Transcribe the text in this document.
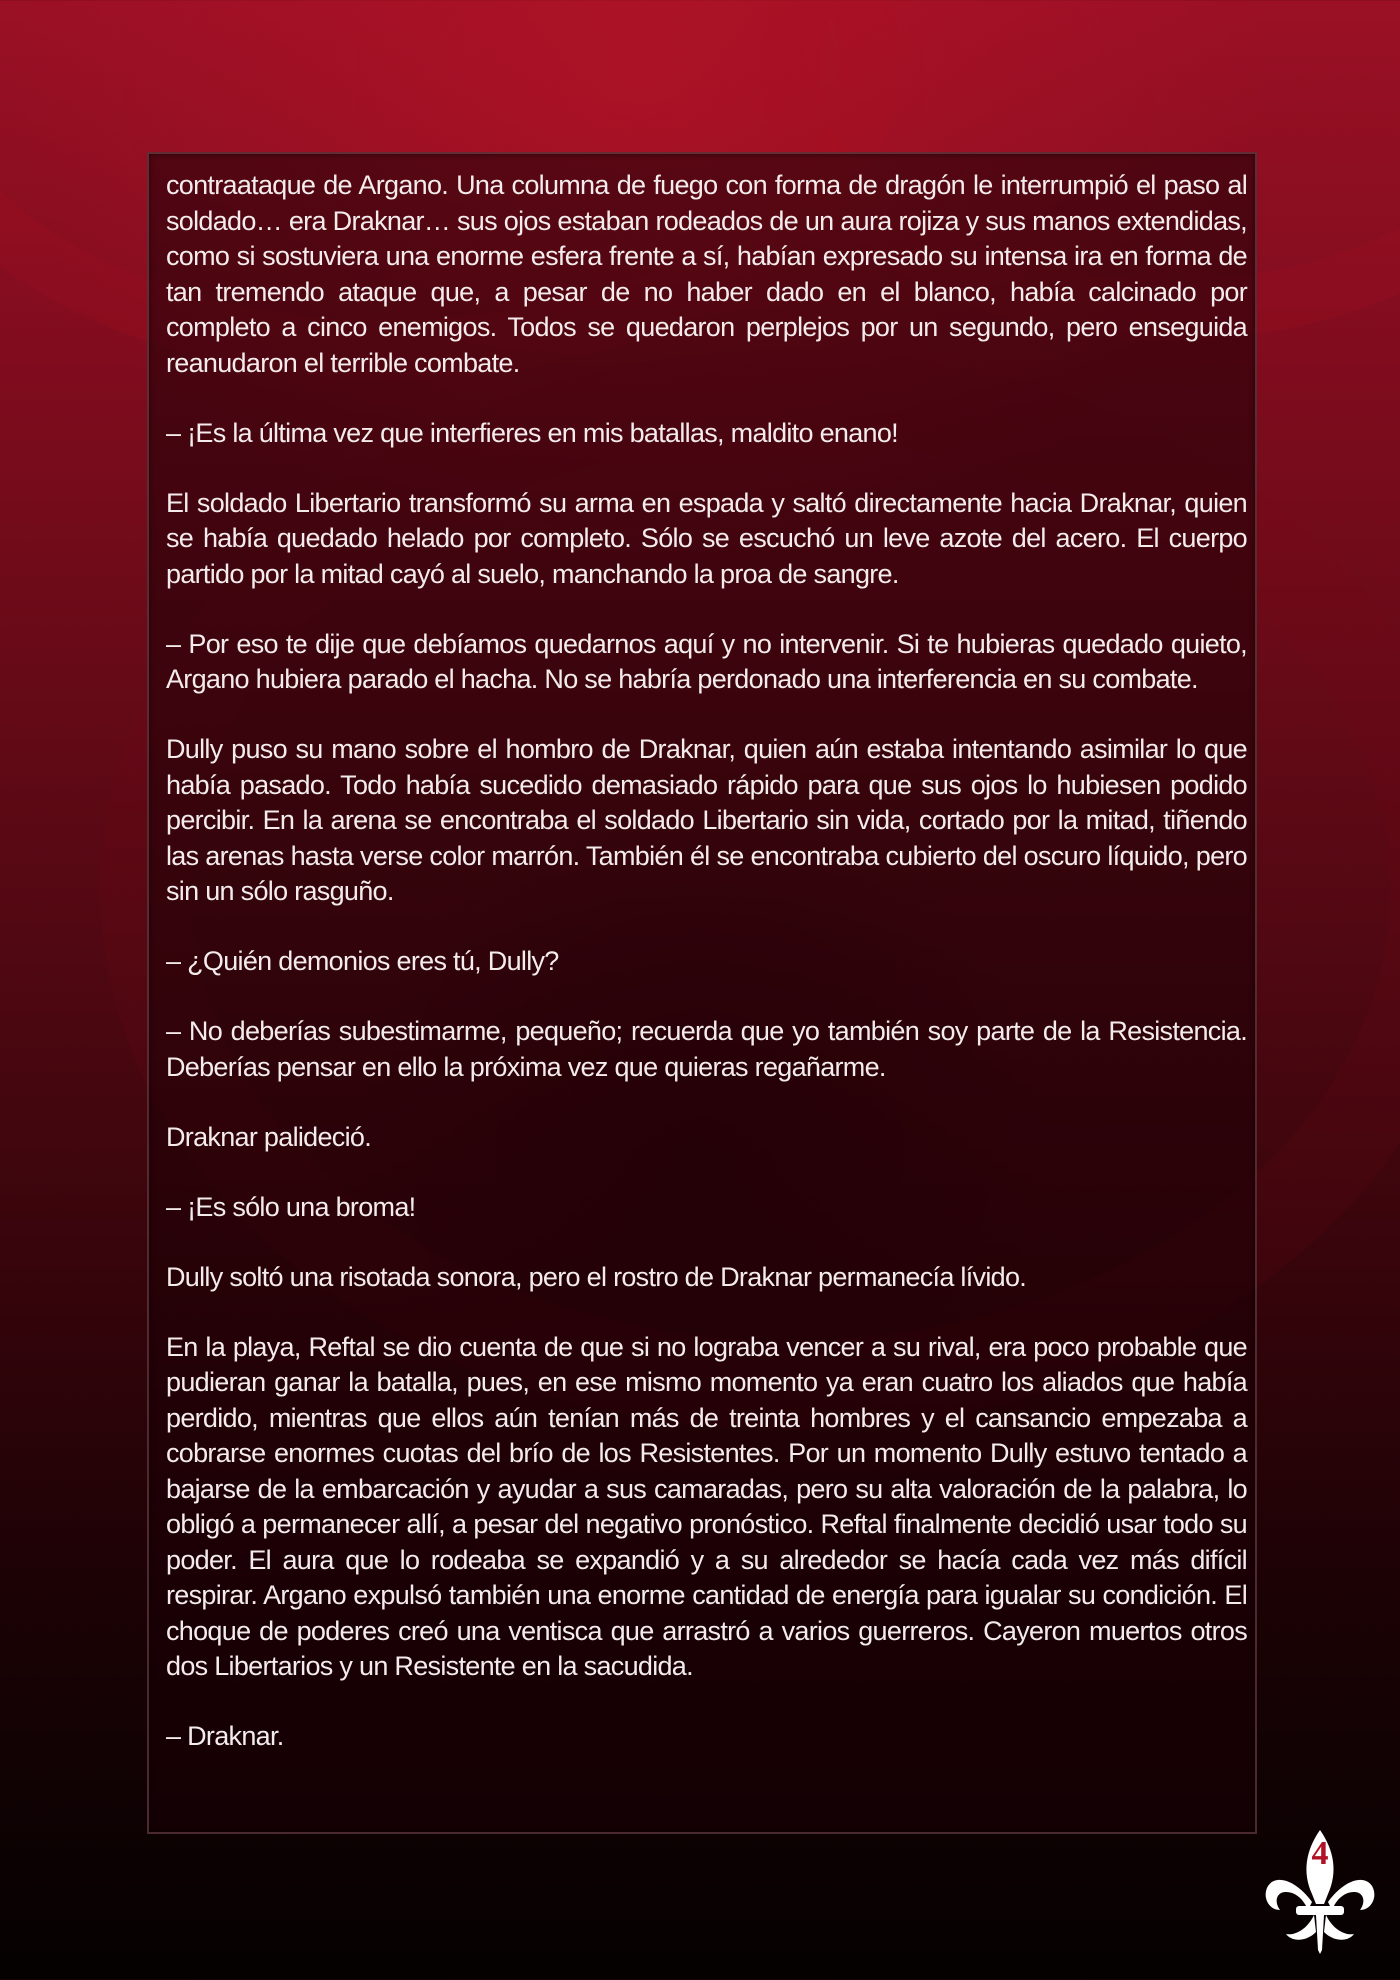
contraataque de Argano. Una columna de fuego con forma de dragón le interrumpió el paso al soldado… era Draknar… sus ojos estaban rodeados de un aura rojiza y sus manos extendidas, como si sostuviera una enorme esfera frente a sí, habían expresado su intensa ira en forma de tan tremendo ataque que, a pesar de no haber dado en el blanco, había calcinado por completo a cinco enemigos. Todos se quedaron perplejos por un segundo, pero enseguida reanudaron el terrible combate.

– ¡Es la última vez que interfieres en mis batallas, maldito enano!

El soldado Libertario transformó su arma en espada y saltó directamente hacia Draknar, quien se había quedado helado por completo. Sólo se escuchó un leve azote del acero. El cuerpo partido por la mitad cayó al suelo, manchando la proa de sangre.

– Por eso te dije que debíamos quedarnos aquí y no intervenir. Si te hubieras quedado quieto, Argano hubiera parado el hacha. No se habría perdonado una interferencia en su combate.

Dully puso su mano sobre el hombro de Draknar, quien aún estaba intentando asimilar lo que había pasado. Todo había sucedido demasiado rápido para que sus ojos lo hubiesen podido percibir. En la arena se encontraba el soldado Libertario sin vida, cortado por la mitad, tiñendo las arenas hasta verse color marrón. También él se encontraba cubierto del oscuro líquido, pero sin un sólo rasguño.

– ¿Quién demonios eres tú, Dully?

– No deberías subestimarme, pequeño; recuerda que yo también soy parte de la Resistencia. Deberías pensar en ello la próxima vez que quieras regañarme.

Draknar palideció.

– ¡Es sólo una broma!

Dully soltó una risotada sonora, pero el rostro de Draknar permanecía lívido.

En la playa, Reftal se dio cuenta de que si no lograba vencer a su rival, era poco probable que pudieran ganar la batalla, pues, en ese mismo momento ya eran cuatro los aliados que había perdido, mientras que ellos aún tenían más de treinta hombres y el cansancio empezaba a cobrarse enormes cuotas del brío de los Resistentes. Por un momento Dully estuvo tentado a bajarse de la embarcación y ayudar a sus camaradas, pero su alta valoración de la palabra, lo obligó a permanecer allí, a pesar del negativo pronóstico. Reftal finalmente decidió usar todo su poder. El aura que lo rodeaba se expandió y a su alrededor se hacía cada vez más difícil respirar. Argano expulsó también una enorme cantidad de energía para igualar su condición. El choque de poderes creó una ventisca que arrastró a varios guerreros. Cayeron muertos otros dos Libertarios y un Resistente en la sacudida.

– Draknar.

4
